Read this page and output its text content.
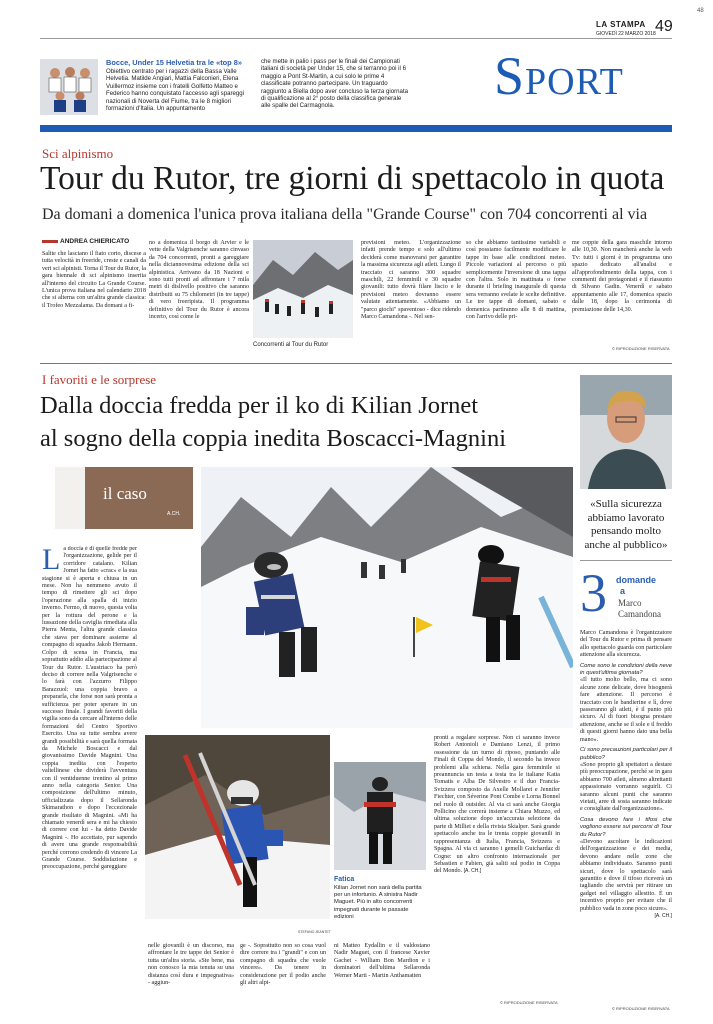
48
LA STAMPA
GIOVEDÌ 22 MARZO 2018 49
Bocce, Under 15 Helvetia tra le «top 8»
Obiettivo centrato per i ragazzi della Bassa Valle Helvetia. Matilde Angiari, Mattia Falconieri, Elena Vuillermoz insieme con i fratelli Golfetto Matteo e Federico hanno conquistato l'accesso agli spareggi nazionali di Noverta del Fiume, tra le 8 migliori formazioni d'Italia. Un appuntamento
che mette in palio i pass per le finali dei Campionati italiani di società per Under 15, che si terranno poi il 6 maggio a Pont St-Martin, a cui solo le prime 4 classificate potranno partecipare. Un traguardo raggiunto a Biella dopo aver concluso la terza giornata di qualificazione al 2° posto della classifica generale alle spalle del Carmagnola.	Sport
Sci alpinismo
Tour du Rutor, tre giorni di spettacolo in quota
Da domani a domenica l'unica prova italiana della "Grande Course" con 704 concorrenti al via
ANDREA CHIERICATO
Salite che lasciano il fiato corto, discese a tutta velocità in freeride, creste e canali da veri sci alpinisti. Torna il Tour du Rutor, la gara biennale di sci alpinismo inserita all'interno del circuito La Grande Course. L'unica prova italiana nel calendario 2018 che si alterna con un'altra grande classica: il Trofeo Mezzalama. Da domani a fi-
no a domenica il borgo di Arvier e le vette della Valgrisenche saranno cinvaso da 704 concorrenti, pronti a gareggiare nella diciannovesima edizione della sci alpinistica. Arrivano da 18 Nazioni e sono tutti pronti ad affrontare i 7 mila metri di dislivello positivo che saranno distribuiti su 75 chilometri (in tre tappe) di vero freeripista. Il programma definitivo del Tour du Rutor è ancora incerto, così come le
Concorrenti al Tour du Rutor
previsioni meteo. L'organizzazione infatti prende tempo e solo all'ultimo deciderà come manovrarsi per garantire la massima sicurezza agli atleti. Lungo il tracciato ci saranno 300 squadre maschili, 22 femminili e 30 squadre giovanili: tutto dovrà filare liscio e le previsioni meteo dovranno essere valutate attentamente. «Abbiamo un "parco giochi" spaventoso - dice ridendo Marco Camandona -. Nel sen-
so che abbiamo tantissime variabili e così possiamo facilmente modificare le tappe in base alle condizioni meteo. Piccole variazioni al percorso o più semplicemente l'inversione di una tappa con l'altra. Solo in mattinata o forse durante il briefing inaugurale di questa sera verranno svelate le scelte definitive. Le tre tappe di domani, sabato e domenica partiranno alle 8 di mattina, con l'arrivo delle pri-
me coppie della gara maschile intorno alle 10,30. Non mancherà anche la web Tv: tutti i giorni è in programma uno spazio dedicato all'analisi e all'approfondimento della tappa, con i commenti dei protagonisti e il riassunto di Silvano Gadin. Venerdì e sabato appuntamento alle 17, domenica spazio dalle 18, dopo la cerimonia di premiazione delle 14,30.
© RIPRODUZIONE RISERVATA
I favoriti e le sorprese
Dalla doccia fredda per il ko di Kilian Jornet
al sogno della coppia inedita Boscacci-Magnini
il caso
A.CH.
La doccia è di quelle fredde per l'organizzazione, gelide per il corridore catalano. Kilian Jornet ha fatto «crac» e la sua stagione si è aperta e chiusa in un mese. Non ha nemmeno avuto il tempo di rimettere gli sci dopo l'operazione alla spalla di inizio inverno. Fermo, di nuovo, questa volta per la rottura del perone e la lussazione della caviglia rimediata alla Pierra Menta, l'altra grande classica che stava per dominare assieme al compagno di squadra Jakob Hermann. Colpo di scena in Francia, ma soprattutto addio alla partecipazione al Tour du Rutor. L'austriaco ha però deciso di correre nella Valgrisenche e lo farà con l'azzurro Filippo Barazzuol: una coppia bravo a prepararla, che forse non sarà pronta a sufficienza per poter sperare in un successo finale. I grandi favoriti della vigilia sono da cercare all'interno delle formazioni del Centro Sportivo Esercito. Una su tutte sembra avere grandi possibilità e sarà quella formata da Michele Boscacci e dal giovanissimo Davide Magnini. Una coppia inedita con l'esperto valtellinese che dividerà l'avventura con il ventiduenne trentino al primo anno nella categoria Senior. Una composizione dell'ultimo minuto, ufficializzata dopo il Sellaronda Skimarathon e dopo l'eccezionale grande risultato di Magnini. «Mi ha chiamato venerdì sera e mi ha chiesto di correre con lui - ha detto Davide Magnini -. Ho accettato, pur sapendo di avere una grande responsabilità perché corrono credendo di vincere La Grande Course. Soddisfazione e preoccupazione, perché gareggiare
STEFANO JEANTET
Fatica
Kilian Jornet non sarà della partita per un infortunio. A sinistra Nadir Maguet. Più in alto concorrenti impegnati durante le passate edizioni
nelle giovanili è un discorso, ma affrontare le tre tappe dei Senior è tutta un'altra storia. «Ste bene, ma non conosco la mia tenuta su una distanza così dura e impegnativa» - aggiun-
ge -. Soprattutto non so cosa vuol dire correre tra i "grandi" e con un compagno di squadra che vuole vincere». Da tenere in considerazione per il podio anche gli altri alpi-
ni Matteo Eydallin e il valdostano Nadir Maguet, con il francese Xavier Gachet - William Bon Mardion e i dominatori dell'ultima Sellaronda Werner Marti - Martin Anthamatten
pronti a regalare sorprese. Non ci saranno invece Robert Antonioli e Damiano Lenzi, il primo ossessione da un turno di riposo, puntando alle Finali di Coppa del Mondo, il secondo ha invece problemi alla schiena. Nella gara femminile si preannuncia un testa a testa tra le italiane Katia Tomatis e Alba De Silvestro e il duo Francia-Svizzera composto da Axelle Mollaret e Jennifer Fiechter, con Séverine Pont Combe e Lorna Bonnel nel ruolo di outsider. Al via ci sarà anche Giorgia Pollicino che correrà insieme a Chiara Muzzo, ed ultima soluzione dopo un'accurata selezione da parte di Milliet e della rivista Skialper. Sarà grande spettacolo anche tra le trenta coppie giovanili in rappresentanza di Italia, Francia, Svizzera e Spagna. Al via ci saranno i gemelli Guichardaz di Cogne: un altro confronto internazionale per Sebastien e Fabien, già saliti sul podio in Coppa del Mondo. [A. CH.]
© RIPRODUZIONE RISERVATA
«Sulla sicurezza abbiamo lavorato pensando molto anche al pubblico»
3 domande
a
Marco
Camandona
Marco Camandona è l'organizzatore del Tour du Rutor e prima di pensare allo spettacolo guarda con particolare attenzione alla sicurezza.
Come sono le condizioni della neve in quest'ultima giornata?
«Il tutto molto bello, ma ci sono alcune zone delicate, dove bisognerà fare attenzione. Il percorso è tracciato con le bandierine e lì, dove passeranno gli atleti, è il punto più sicuro. Al di fuori bisogna prestare attenzione, anche se il sole e il freddo di questi giorni hanno dato una bella mano».
Ci sono precauzioni particolari per il pubblico?
«Sono proprio gli spettatori a destare più preoccupazione, perché se in gara abbiamo 700 atleti, almeno altrettanti appassionato vorranno seguirli. Ci saranno alcuni punti che saranno vietati, aree di sosta saranno indicate e consigliate dall'organizzazione».
Cosa devono fare i tifosi che vogliono essere sui percorsi di Tour du Rutor?
«Devono ascoltare le indicazioni dell'organizzazione e dei media, devono andare nelle zone che abbiamo individuato. Saranno punti sicuri, dove lo spettacolo sarà garantito e dove il tifoso riceverà un tagliando che servirà per ritirare un gadget nel villaggio allestito. È un incentivo proprio per evitare che il pubblico vada in zone poco sicure».
[A. CH.]
© RIPRODUZIONE RISERVATA
